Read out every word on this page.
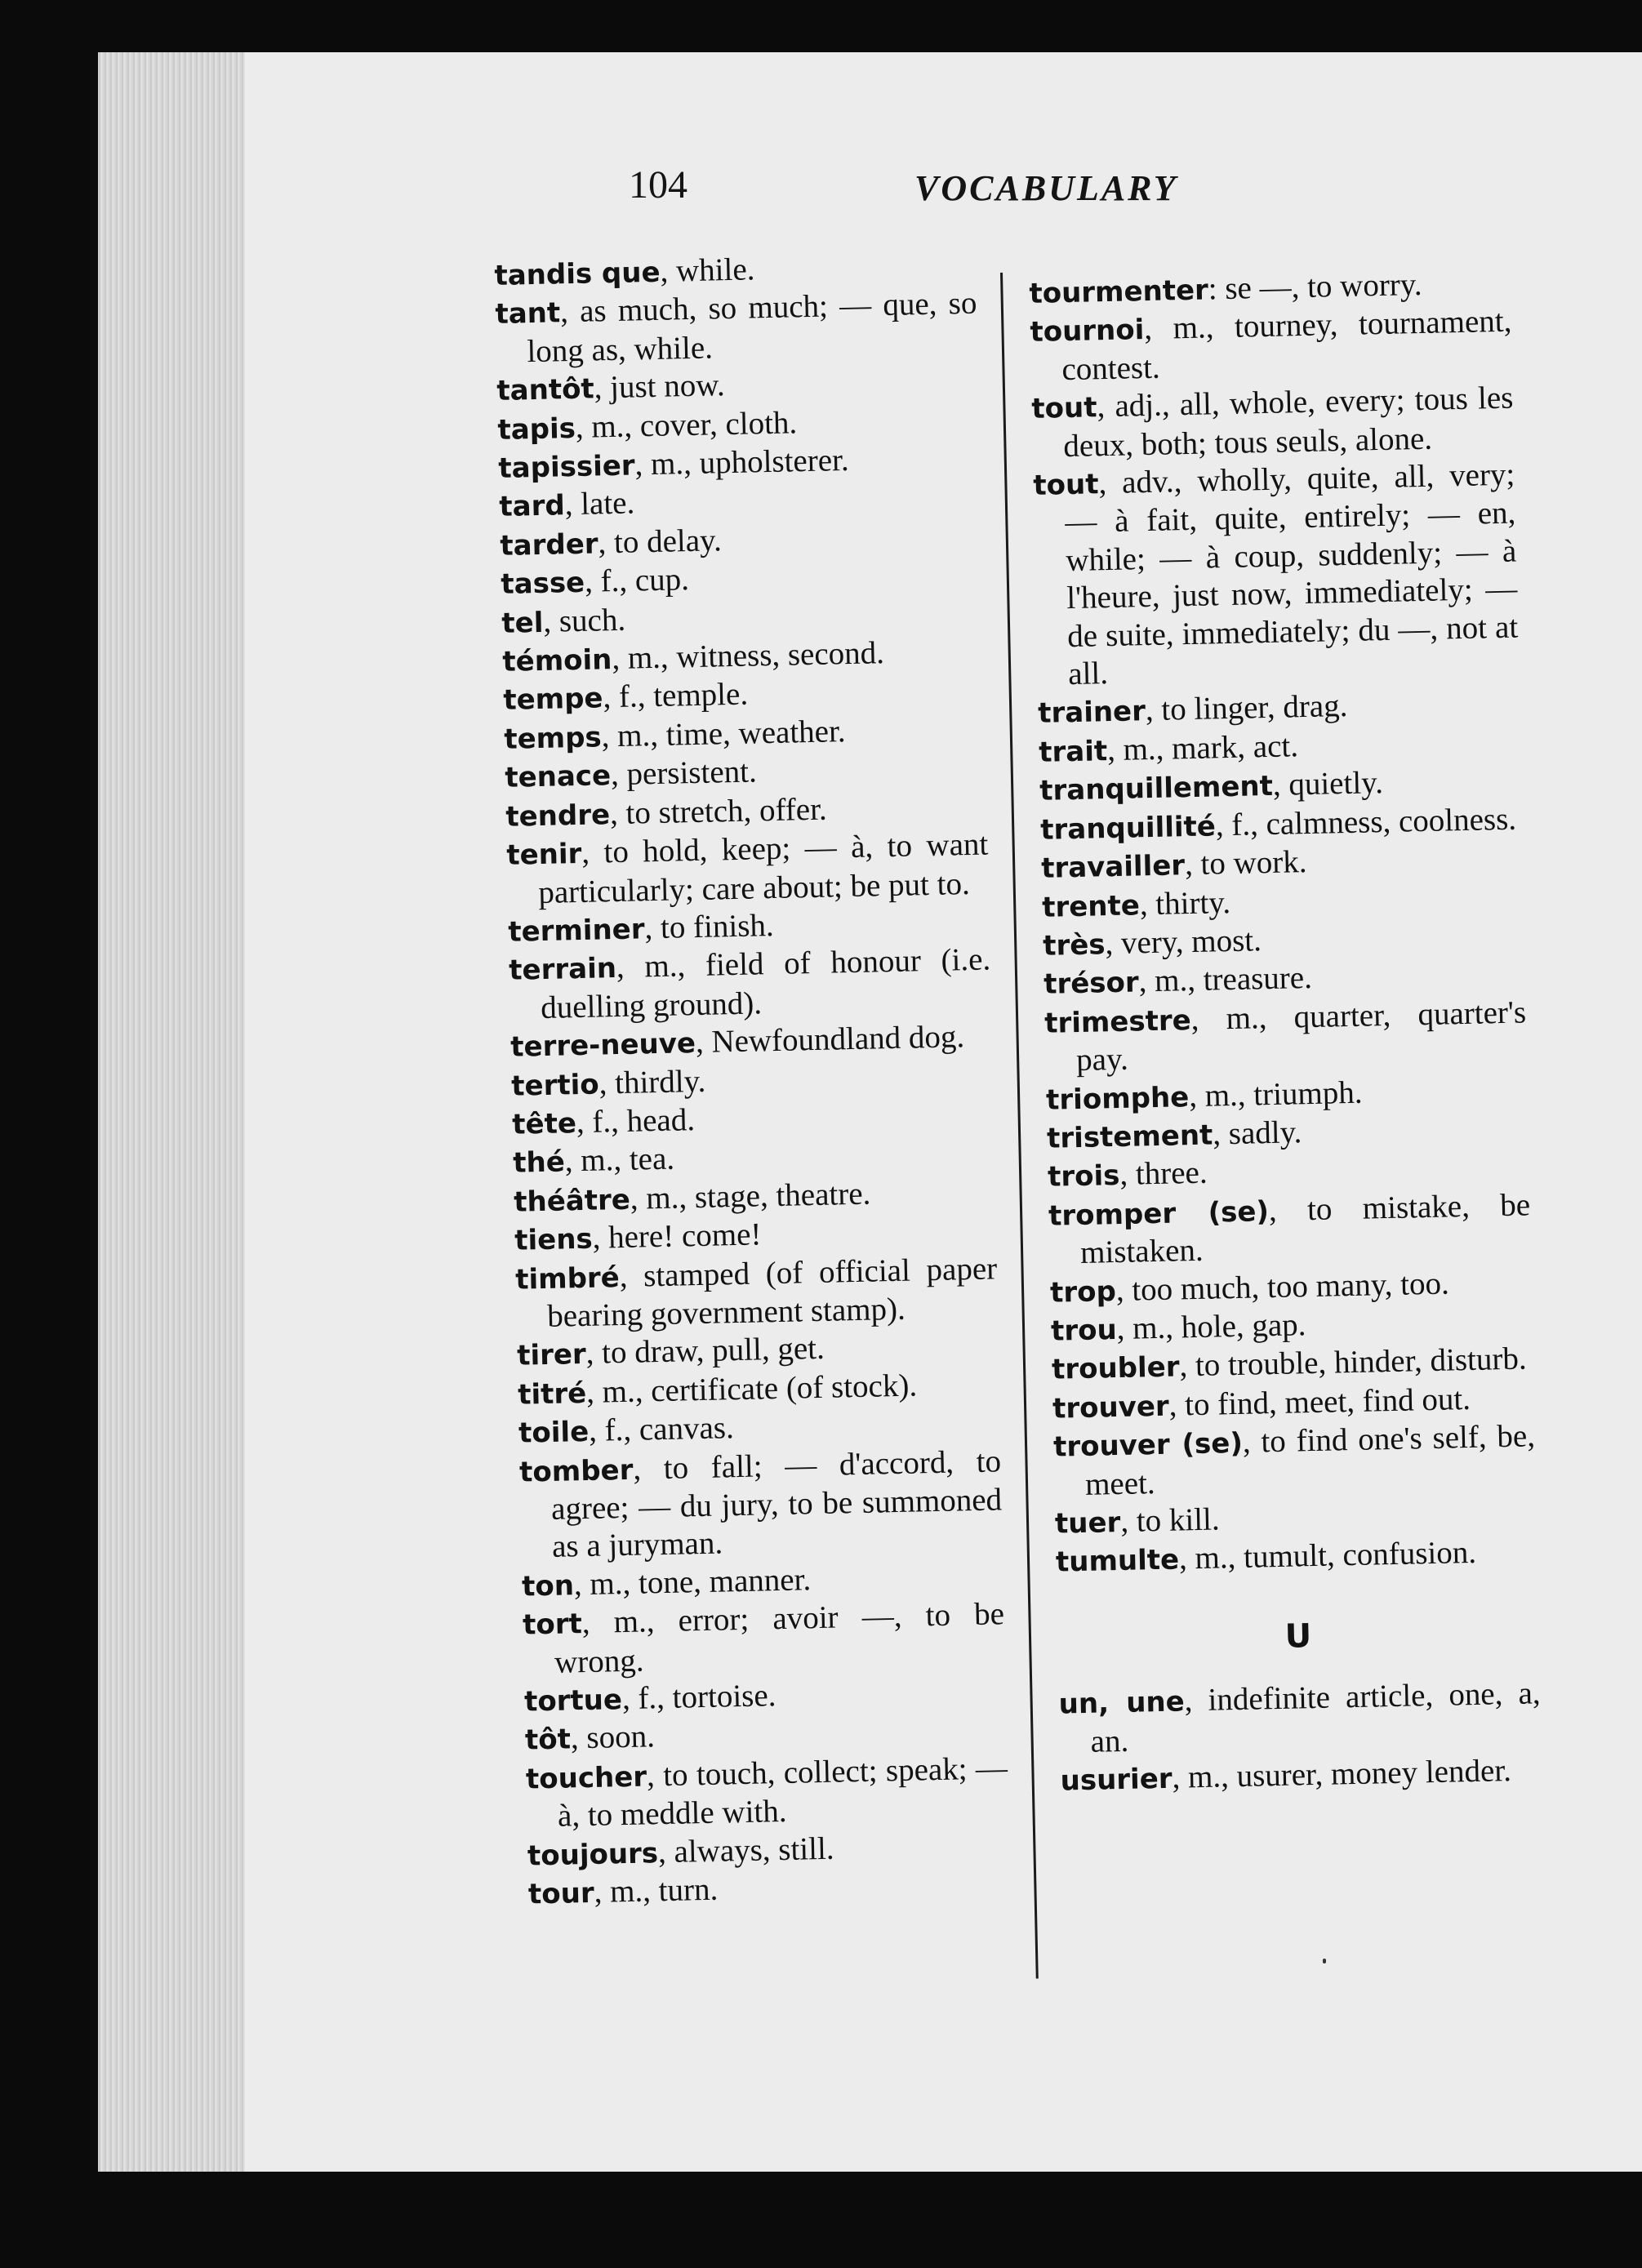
104	VOCABULARY

tandis que, while.

tant, as much, so much; — que, so long as, while.

tantôt, just now.

tapis, m., cover, cloth.

tapissier, m., upholsterer.

tard, late.

tarder, to delay.

tasse, f., cup.

tel, such.

témoin, m., witness, second.

tempe, f., temple.

temps, m., time, weather.

tenace, persistent.

tendre, to stretch, offer.

tenir, to hold, keep; — à, to want particularly; care about; be put to.

terminer, to finish.

terrain, m., field of honour (i.e. duelling ground).

terre-neuve, Newfoundland dog.

tertio, thirdly.

tête, f., head.

thé, m., tea.

théâtre, m., stage, theatre.

tiens, here! come!

timbré, stamped (of official paper bearing government stamp).

tirer, to draw, pull, get.

titré, m., certificate (of stock).

toile, f., canvas.

tomber, to fall; — d'accord, to agree; — du jury, to be summoned as a juryman.

ton, m., tone, manner.

tort, m., error; avoir —, to be wrong.

tortue, f., tortoise.

tôt, soon.

toucher, to touch, collect; speak; — à, to meddle with.

toujours, always, still.

tour, m., turn.

tourmenter: se —, to worry.

tournoi, m., tourney, tournament, contest.

tout, adj., all, whole, every; tous les deux, both; tous seuls, alone.

tout, adv., wholly, quite, all, very; — à fait, quite, entirely; — en, while; — à coup, suddenly; — à l'heure, just now, immediately; — de suite, immediately; du —, not at all.

trainer, to linger, drag.

trait, m., mark, act.

tranquillement, quietly.

tranquillité, f., calmness, coolness.

travailler, to work.

trente, thirty.

très, very, most.

trésor, m., treasure.

trimestre, m., quarter, quarter's pay.

triomphe, m., triumph.

tristement, sadly.

trois, three.

tromper (se), to mistake, be mistaken.

trop, too much, too many, too.

trou, m., hole, gap.

troubler, to trouble, hinder, disturb.

trouver, to find, meet, find out.

trouver (se), to find one's self, be, meet.

tuer, to kill.

tumulte, m., tumult, confusion.

U

un, une, indefinite article, one, a, an.

usurier, m., usurer, money lender.
